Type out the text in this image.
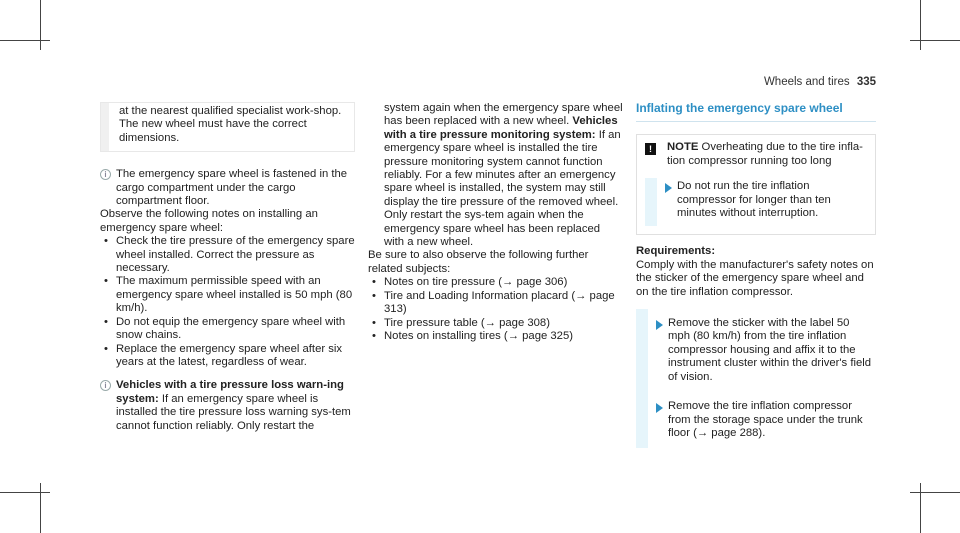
Wheels and tires 335
at the nearest qualified specialist work-shop. The new wheel must have the correct dimensions.
i The emergency spare wheel is fastened in the cargo compartment under the cargo compartment floor.

Observe the following notes on installing an emergency spare wheel:

• Check the tire pressure of the emergency spare wheel installed. Correct the pressure as necessary.
• The maximum permissible speed with an emergency spare wheel installed is 50 mph (80 km/h).
• Do not equip the emergency spare wheel with snow chains.
• Replace the emergency spare wheel after six years at the latest, regardless of wear.
i Vehicles with a tire pressure loss warn-ing system: If an emergency spare wheel is installed the tire pressure loss warning sys-tem cannot function reliably. Only restart the

system again when the emergency spare wheel has been replaced with a new wheel. Vehicles with a tire pressure monitoring system: If an emergency spare wheel is installed the tire pressure monitoring system cannot function reliably. For a few minutes after an emergency spare wheel is installed, the system may still display the tire pressure of the removed wheel. Only restart the sys-tem again when the emergency spare wheel has been replaced with a new wheel.

Be sure to also observe the following further related subjects:

• Notes on tire pressure (→ page 306)
• Tire and Loading Information placard (→ page 313)
• Tire pressure table (→ page 308)
• Notes on installing tires (→ page 325)
Inflating the emergency spare wheel
!	NOTE Overheating due to the tire infla-tion compressor running too long

Do not run the tire inflation compressor for longer than ten minutes without interruption.

Requirements:

Comply with the manufacturer's safety notes on the sticker of the emergency spare wheel and on the tire inflation compressor.

Remove the sticker with the label 50 mph (80 km/h) from the tire inflation compressor housing and affix it to the instrument cluster within the driver's field of vision.

Remove the tire inflation compressor from the storage space under the trunk floor (→ page 288).
